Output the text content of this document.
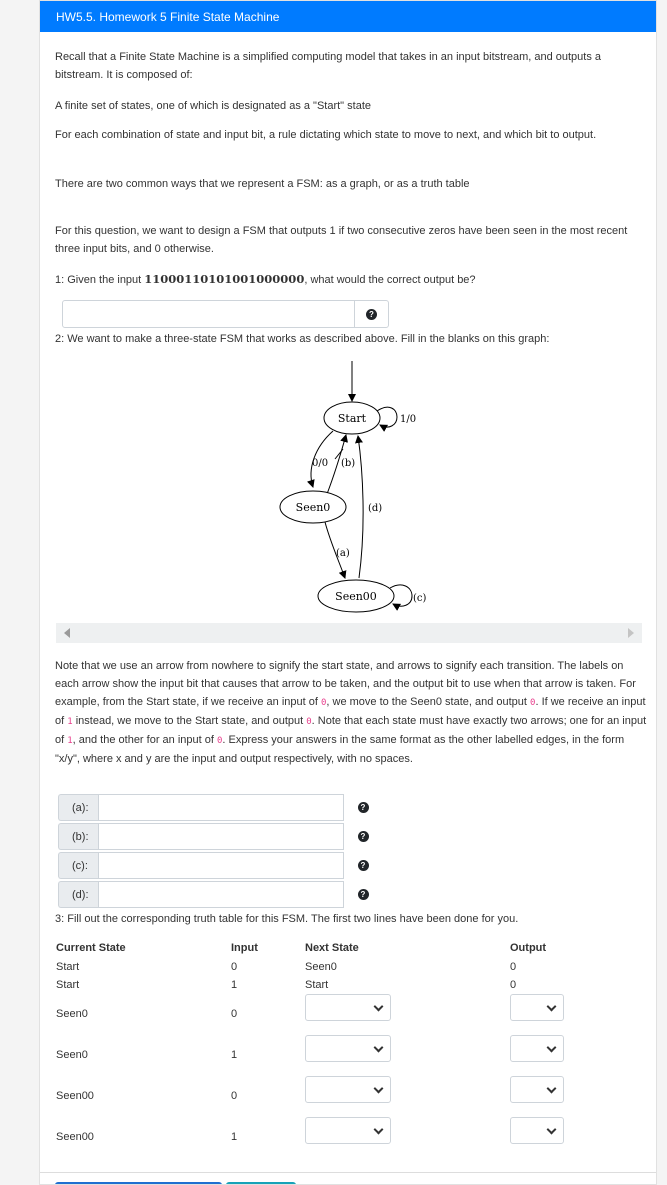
HW5.5. Homework 5 Finite State Machine

Recall that a Finite State Machine is a simplified computing model that takes in an input bitstream, and outputs a bitstream. It is composed of:

A finite set of states, one of which is designated as a "Start" state

For each combination of state and input bit, a rule dictating which state to move to next, and which bit to output.

There are two common ways that we represent a FSM: as a graph, or as a truth table

For this question, we want to design a FSM that outputs 1 if two consecutive zeros have been seen in the most recent three input bits, and 0 otherwise.

1: Given the input 11000110101001000000, what would the correct output be?

?

2: We want to make a three-state FSM that works as described above. Fill in the blanks on this graph:

Start	1/0
0/0 (b)
Seen0	(d)
(a)
Seen00	(c)

Note that we use an arrow from nowhere to signify the start state, and arrows to signify each transition. The labels on each arrow show the input bit that causes that arrow to be taken, and the output bit to use when that arrow is taken. For example, from the Start state, if we receive an input of 0, we move to the Seen0 state, and output 0. If we receive an input of 1 instead, we move to the Start state, and output 0. Note that each state must have exactly two arrows; one for an input of 1, and the other for an input of 0. Express your answers in the same format as the other labelled edges, in the form "x/y", where x and y are the input and output respectively, with no spaces.

(a):	?
(b):	?
(c):	?
(d):	?

3: Fill out the corresponding truth table for this FSM. The first two lines have been done for you.

Current State	Input	Next State	Output
Start	0	Seen0	0
Start	1	Start	0
Seen0	0
Seen0	1
Seen00	0
Seen00	1
